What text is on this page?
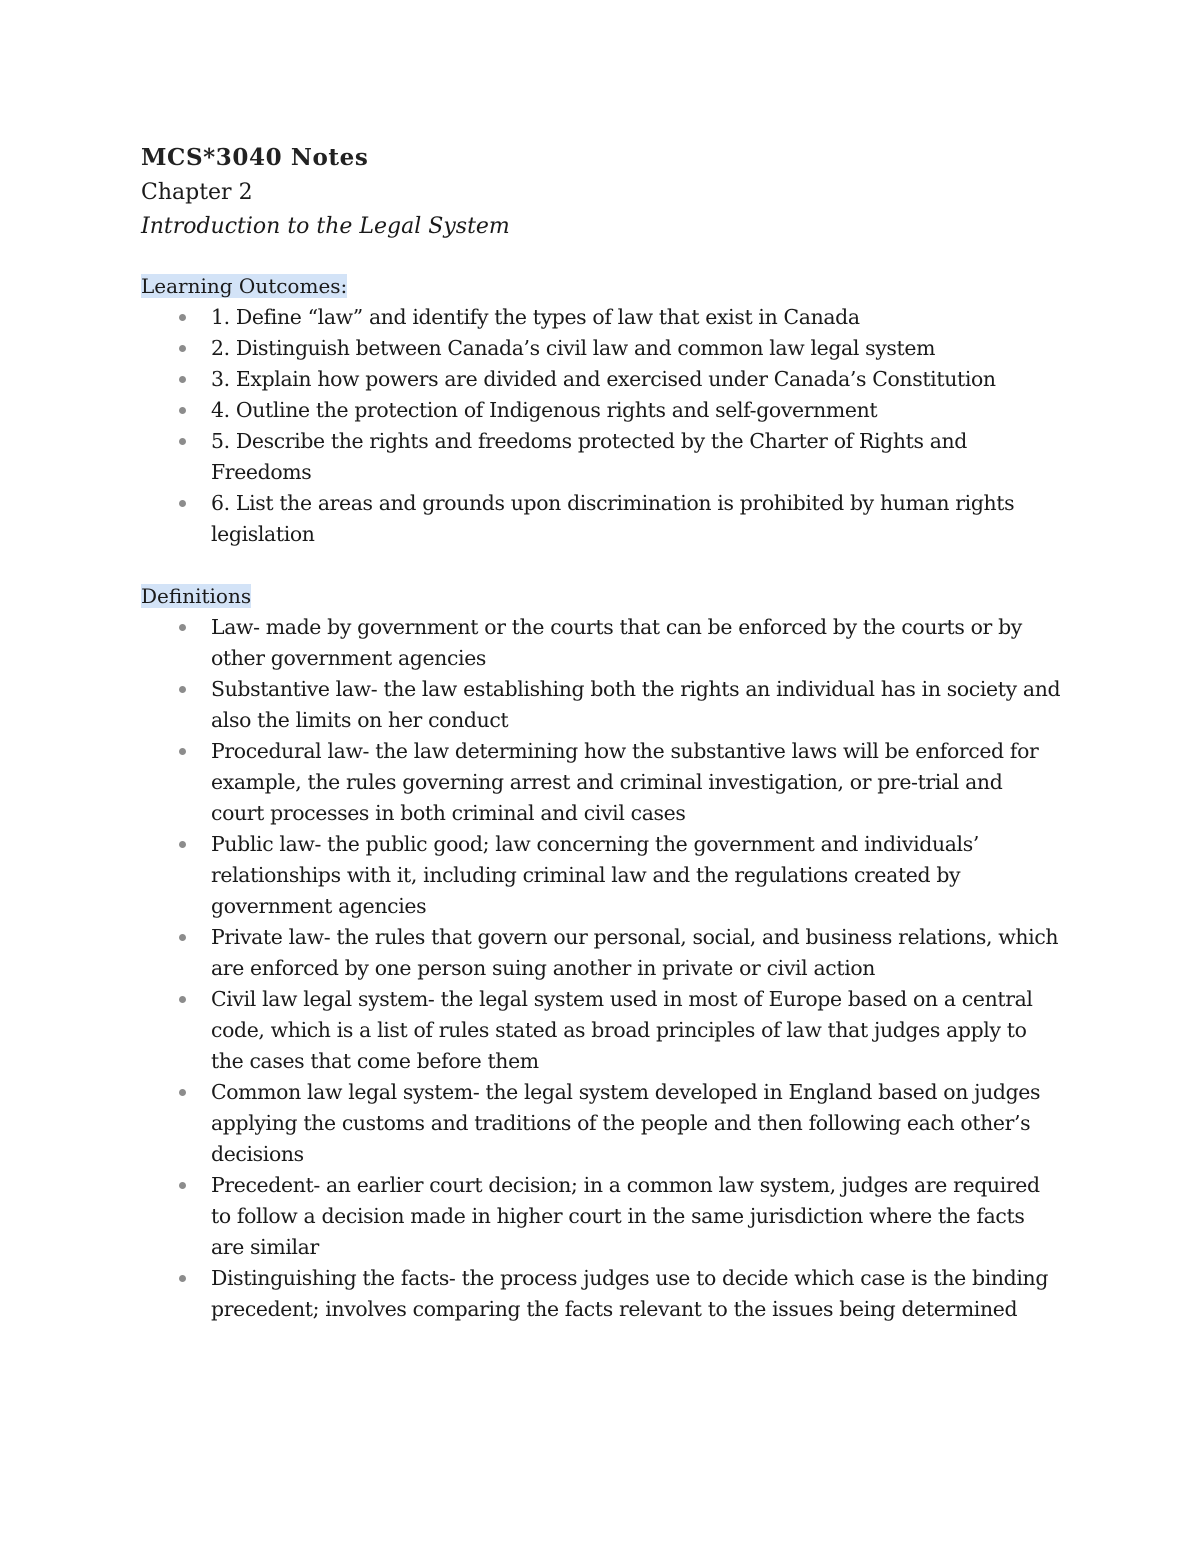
MCS*3040 Notes

Chapter 2

Introduction to the Legal System

Learning Outcomes:

1. Define “law” and identify the types of law that exist in Canada
2. Distinguish between Canada’s civil law and common law legal system
3. Explain how powers are divided and exercised under Canada’s Constitution
4. Outline the protection of Indigenous rights and self-government
5. Describe the rights and freedoms protected by the Charter of Rights and Freedoms
6. List the areas and grounds upon discrimination is prohibited by human rights legislation

Definitions

Law- made by government or the courts that can be enforced by the courts or by other government agencies
Substantive law- the law establishing both the rights an individual has in society and also the limits on her conduct
Procedural law- the law determining how the substantive laws will be enforced for example, the rules governing arrest and criminal investigation, or pre-trial and court processes in both criminal and civil cases
Public law- the public good; law concerning the government and individuals’ relationships with it, including criminal law and the regulations created by government agencies
Private law- the rules that govern our personal, social, and business relations, which are enforced by one person suing another in private or civil action
Civil law legal system- the legal system used in most of Europe based on a central code, which is a list of rules stated as broad principles of law that judges apply to the cases that come before them
Common law legal system- the legal system developed in England based on judges applying the customs and traditions of the people and then following each other’s decisions
Precedent- an earlier court decision; in a common law system, judges are required to follow a decision made in higher court in the same jurisdiction where the facts are similar
Distinguishing the facts- the process judges use to decide which case is the binding precedent; involves comparing the facts relevant to the issues being determined
